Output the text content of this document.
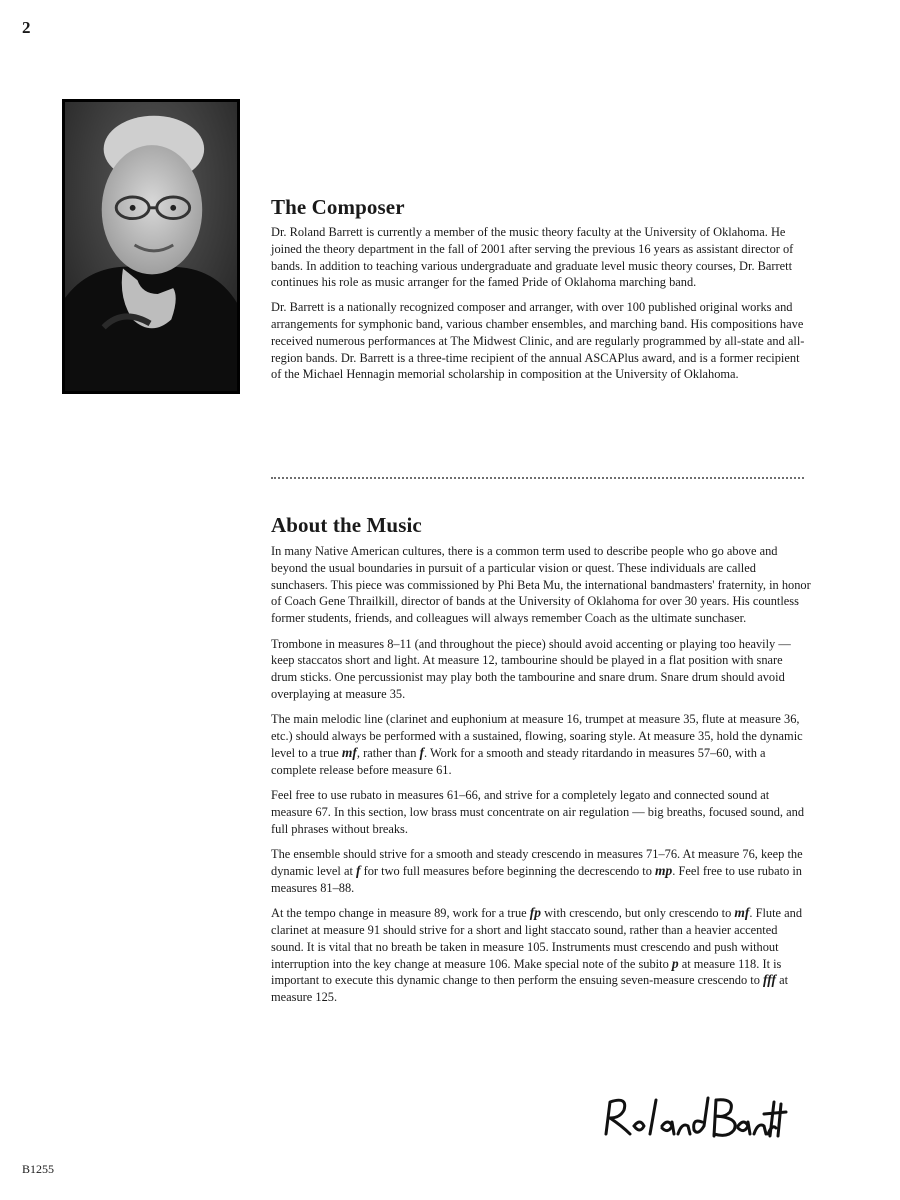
2
The Composer

Dr. Roland Barrett is currently a member of the music theory faculty at the University of Oklahoma. He joined the theory department in the fall of 2001 after serving the previous 16 years as assistant director of bands. In addition to teaching various undergraduate and graduate level music theory courses, Dr. Barrett continues his role as music arranger for the famed Pride of Oklahoma marching band.

Dr. Barrett is a nationally recognized composer and arranger, with over 100 published original works and arrangements for symphonic band, various chamber ensembles, and marching band. His compositions have received numerous performances at The Midwest Clinic, and are regularly programmed by all-state and all-region bands. Dr. Barrett is a three-time recipient of the annual ASCAPlus award, and is a former recipient of the Michael Hennagin memorial scholarship in composition at the University of Oklahoma.

About the Music

In many Native American cultures, there is a common term used to describe people who go above and beyond the usual boundaries in pursuit of a particular vision or quest. These individuals are called sunchasers. This piece was commissioned by Phi Beta Mu, the international bandmasters' fraternity, in honor of Coach Gene Thrailkill, director of bands at the University of Oklahoma for over 30 years. His countless former students, friends, and colleagues will always remember Coach as the ultimate sunchaser.

Trombone in measures 8–11 (and throughout the piece) should avoid accenting or playing too heavily — keep staccatos short and light. At measure 12, tambourine should be played in a flat position with snare drum sticks. One percussionist may play both the tambourine and snare drum. Snare drum should avoid overplaying at measure 35.

The main melodic line (clarinet and euphonium at measure 16, trumpet at measure 35, flute at measure 36, etc.) should always be performed with a sustained, flowing, soaring style. At measure 35, hold the dynamic level to a true mf, rather than f. Work for a smooth and steady ritardando in measures 57–60, with a complete release before measure 61.

Feel free to use rubato in measures 61–66, and strive for a completely legato and connected sound at measure 67. In this section, low brass must concentrate on air regulation — big breaths, focused sound, and full phrases without breaks.

The ensemble should strive for a smooth and steady crescendo in measures 71–76. At measure 76, keep the dynamic level at f for two full measures before beginning the decrescendo to mp. Feel free to use rubato in measures 81–88.

At the tempo change in measure 89, work for a true fp with crescendo, but only crescendo to mf. Flute and clarinet at measure 91 should strive for a short and light staccato sound, rather than a heavier accented sound. It is vital that no breath be taken in measure 105. Instruments must crescendo and push without interruption into the key change at measure 106. Make special note of the subito p at measure 118. It is important to execute this dynamic change to then perform the ensuing seven-measure crescendo to fff at measure 125.

B1255
